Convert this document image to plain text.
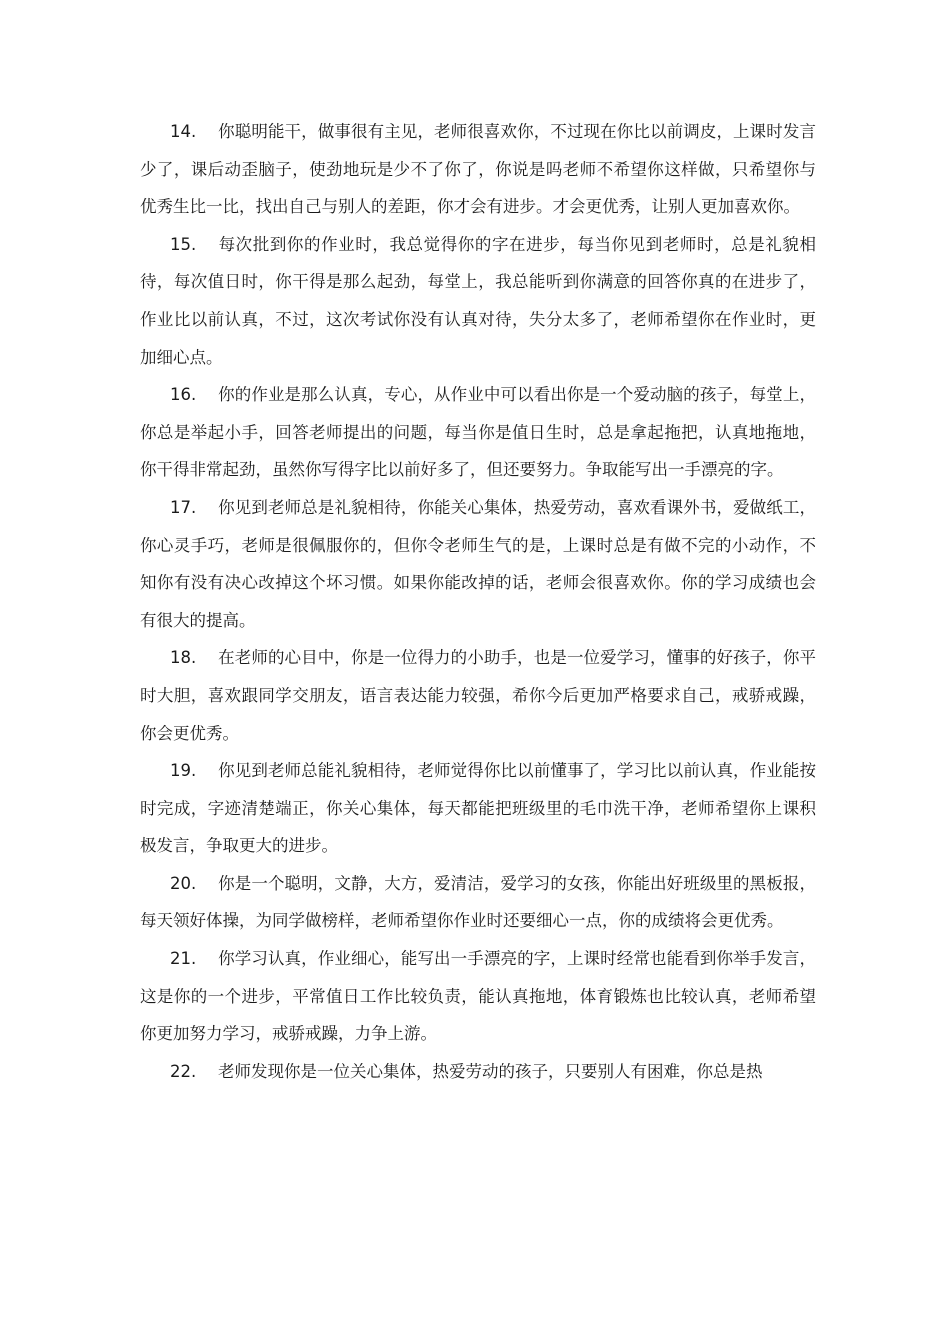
14. 你聪明能干，做事很有主见，老师很喜欢你，不过现在你比以前调皮，上课时发言少了，课后动歪脑子，使劲地玩是少不了你了，你说是吗老师不希望你这样做，只希望你与优秀生比一比，找出自己与别人的差距，你才会有进步。才会更优秀，让别人更加喜欢你。

15. 每次批到你的作业时，我总觉得你的字在进步，每当你见到老师时，总是礼貌相待，每次值日时，你干得是那么起劲，每堂上，我总能听到你满意的回答你真的在进步了，作业比以前认真，不过，这次考试你没有认真对待，失分太多了，老师希望你在作业时，更加细心点。

16. 你的作业是那么认真，专心，从作业中可以看出你是一个爱动脑的孩子，每堂上，你总是举起小手，回答老师提出的问题，每当你是值日生时，总是拿起拖把，认真地拖地，你干得非常起劲，虽然你写得字比以前好多了，但还要努力。争取能写出一手漂亮的字。

17. 你见到老师总是礼貌相待，你能关心集体，热爱劳动，喜欢看课外书，爱做纸工，你心灵手巧，老师是很佩服你的，但你令老师生气的是，上课时总是有做不完的小动作，不知你有没有决心改掉这个坏习惯。如果你能改掉的话，老师会很喜欢你。你的学习成绩也会有很大的提高。

18. 在老师的心目中，你是一位得力的小助手，也是一位爱学习，懂事的好孩子，你平时大胆，喜欢跟同学交朋友，语言表达能力较强，希你今后更加严格要求自己，戒骄戒躁，你会更优秀。

19. 你见到老师总能礼貌相待，老师觉得你比以前懂事了，学习比以前认真，作业能按时完成，字迹清楚端正，你关心集体，每天都能把班级里的毛巾洗干净，老师希望你上课积极发言，争取更大的进步。

20. 你是一个聪明，文静，大方，爱清洁，爱学习的女孩，你能出好班级里的黑板报，每天领好体操，为同学做榜样，老师希望你作业时还要细心一点，你的成绩将会更优秀。

21. 你学习认真，作业细心，能写出一手漂亮的字，上课时经常也能看到你举手发言，这是你的一个进步，平常值日工作比较负责，能认真拖地，体育锻炼也比较认真，老师希望你更加努力学习，戒骄戒躁，力争上游。

22. 老师发现你是一位关心集体，热爱劳动的孩子，只要别人有困难，你总是热
